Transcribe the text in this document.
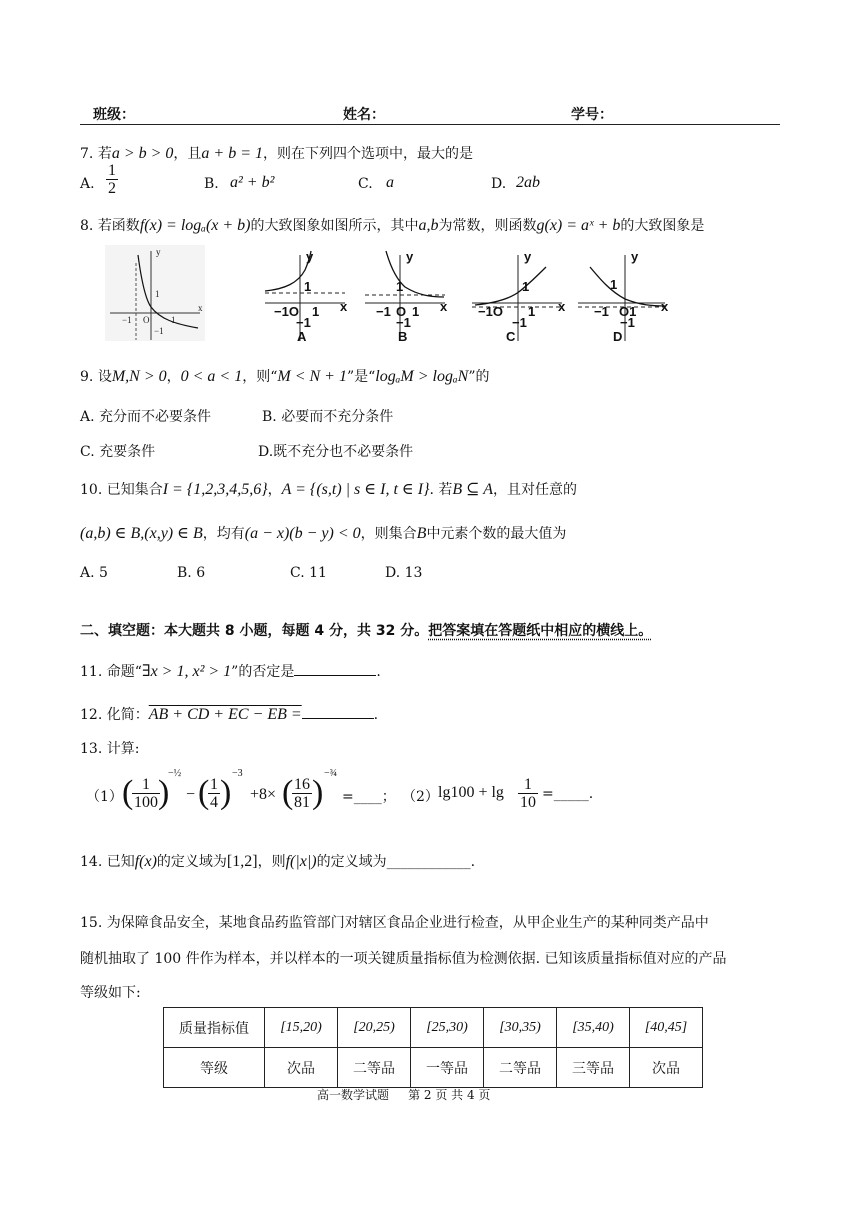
班级：	姓名：	学号：
7. 若a > b > 0，且a + b = 1，则在下列四个选项中，最大的是
A. $\frac{1}{2}$	B. a² + b²	C. a	D. 2ab
8. 若函数f(x) = logₐ(x + b)的大致图象如图所示，其中a,b为常数，则函数g(x) = aˣ + b的大致图象是
y
x
−1 O 1
1
−1
y
x
1
−1O 1
−1
y
x
1
−1 O 1
−1
y
x
1
−1O 1
−1
y
x
1
−1 O1
−1
A	B	C	D
9. 设M,N > 0，0 < a < 1，则“M < N + 1”是“logₐM > logₐN”的
A. 充分而不必要条件	B. 必要而不充分条件
C. 充要条件	D.既不充分也不必要条件
10. 已知集合I = {1,2,3,4,5,6}，A = {(s,t) | s ∈ I, t ∈ I}. 若B ⊆ A，且对任意的
(a,b) ∈ B,(x,y) ∈ B，均有(a − x)(b − y) < 0，则集合B中元素个数的最大值为
A. 5	B. 6	C. 11	D. 13
二、填空题：本大题共 8 小题，每题 4 分，共 32 分。把答案填在答题纸中相应的横线上。
11. 命题“∃x > 1, x² > 1”的否定是	.
12. 化简：AB + CD + EC − EB =	.
13. 计算:
（1） (
$\frac{1}{100}$
)
−½
− (
$\frac{1}{4}$ )
−3
+8× (
$\frac{16}{81}$ )
−¾
=____； （2） $\lg 100 + \lg \frac{1}{10}$ =_____.
14. 已知f(x)的定义域为[1,2]，则f(|x|)的定义域为____________.
15. 为保障食品安全，某地食品药监管部门对辖区食品企业进行检查，从甲企业生产的某种同类产品中
随机抽取了 100 件作为样本，并以样本的一项关键质量指标值为检测依据. 已知该质量指标值对应的产品
等级如下:
质量指标值	[15,20)	[20,25)	[25,30)	[30,35)	[35,40)	[40,45]
等级	次品	二等品	一等品	二等品	三等品	次品
高一数学试题 第 2 页 共 4 页
